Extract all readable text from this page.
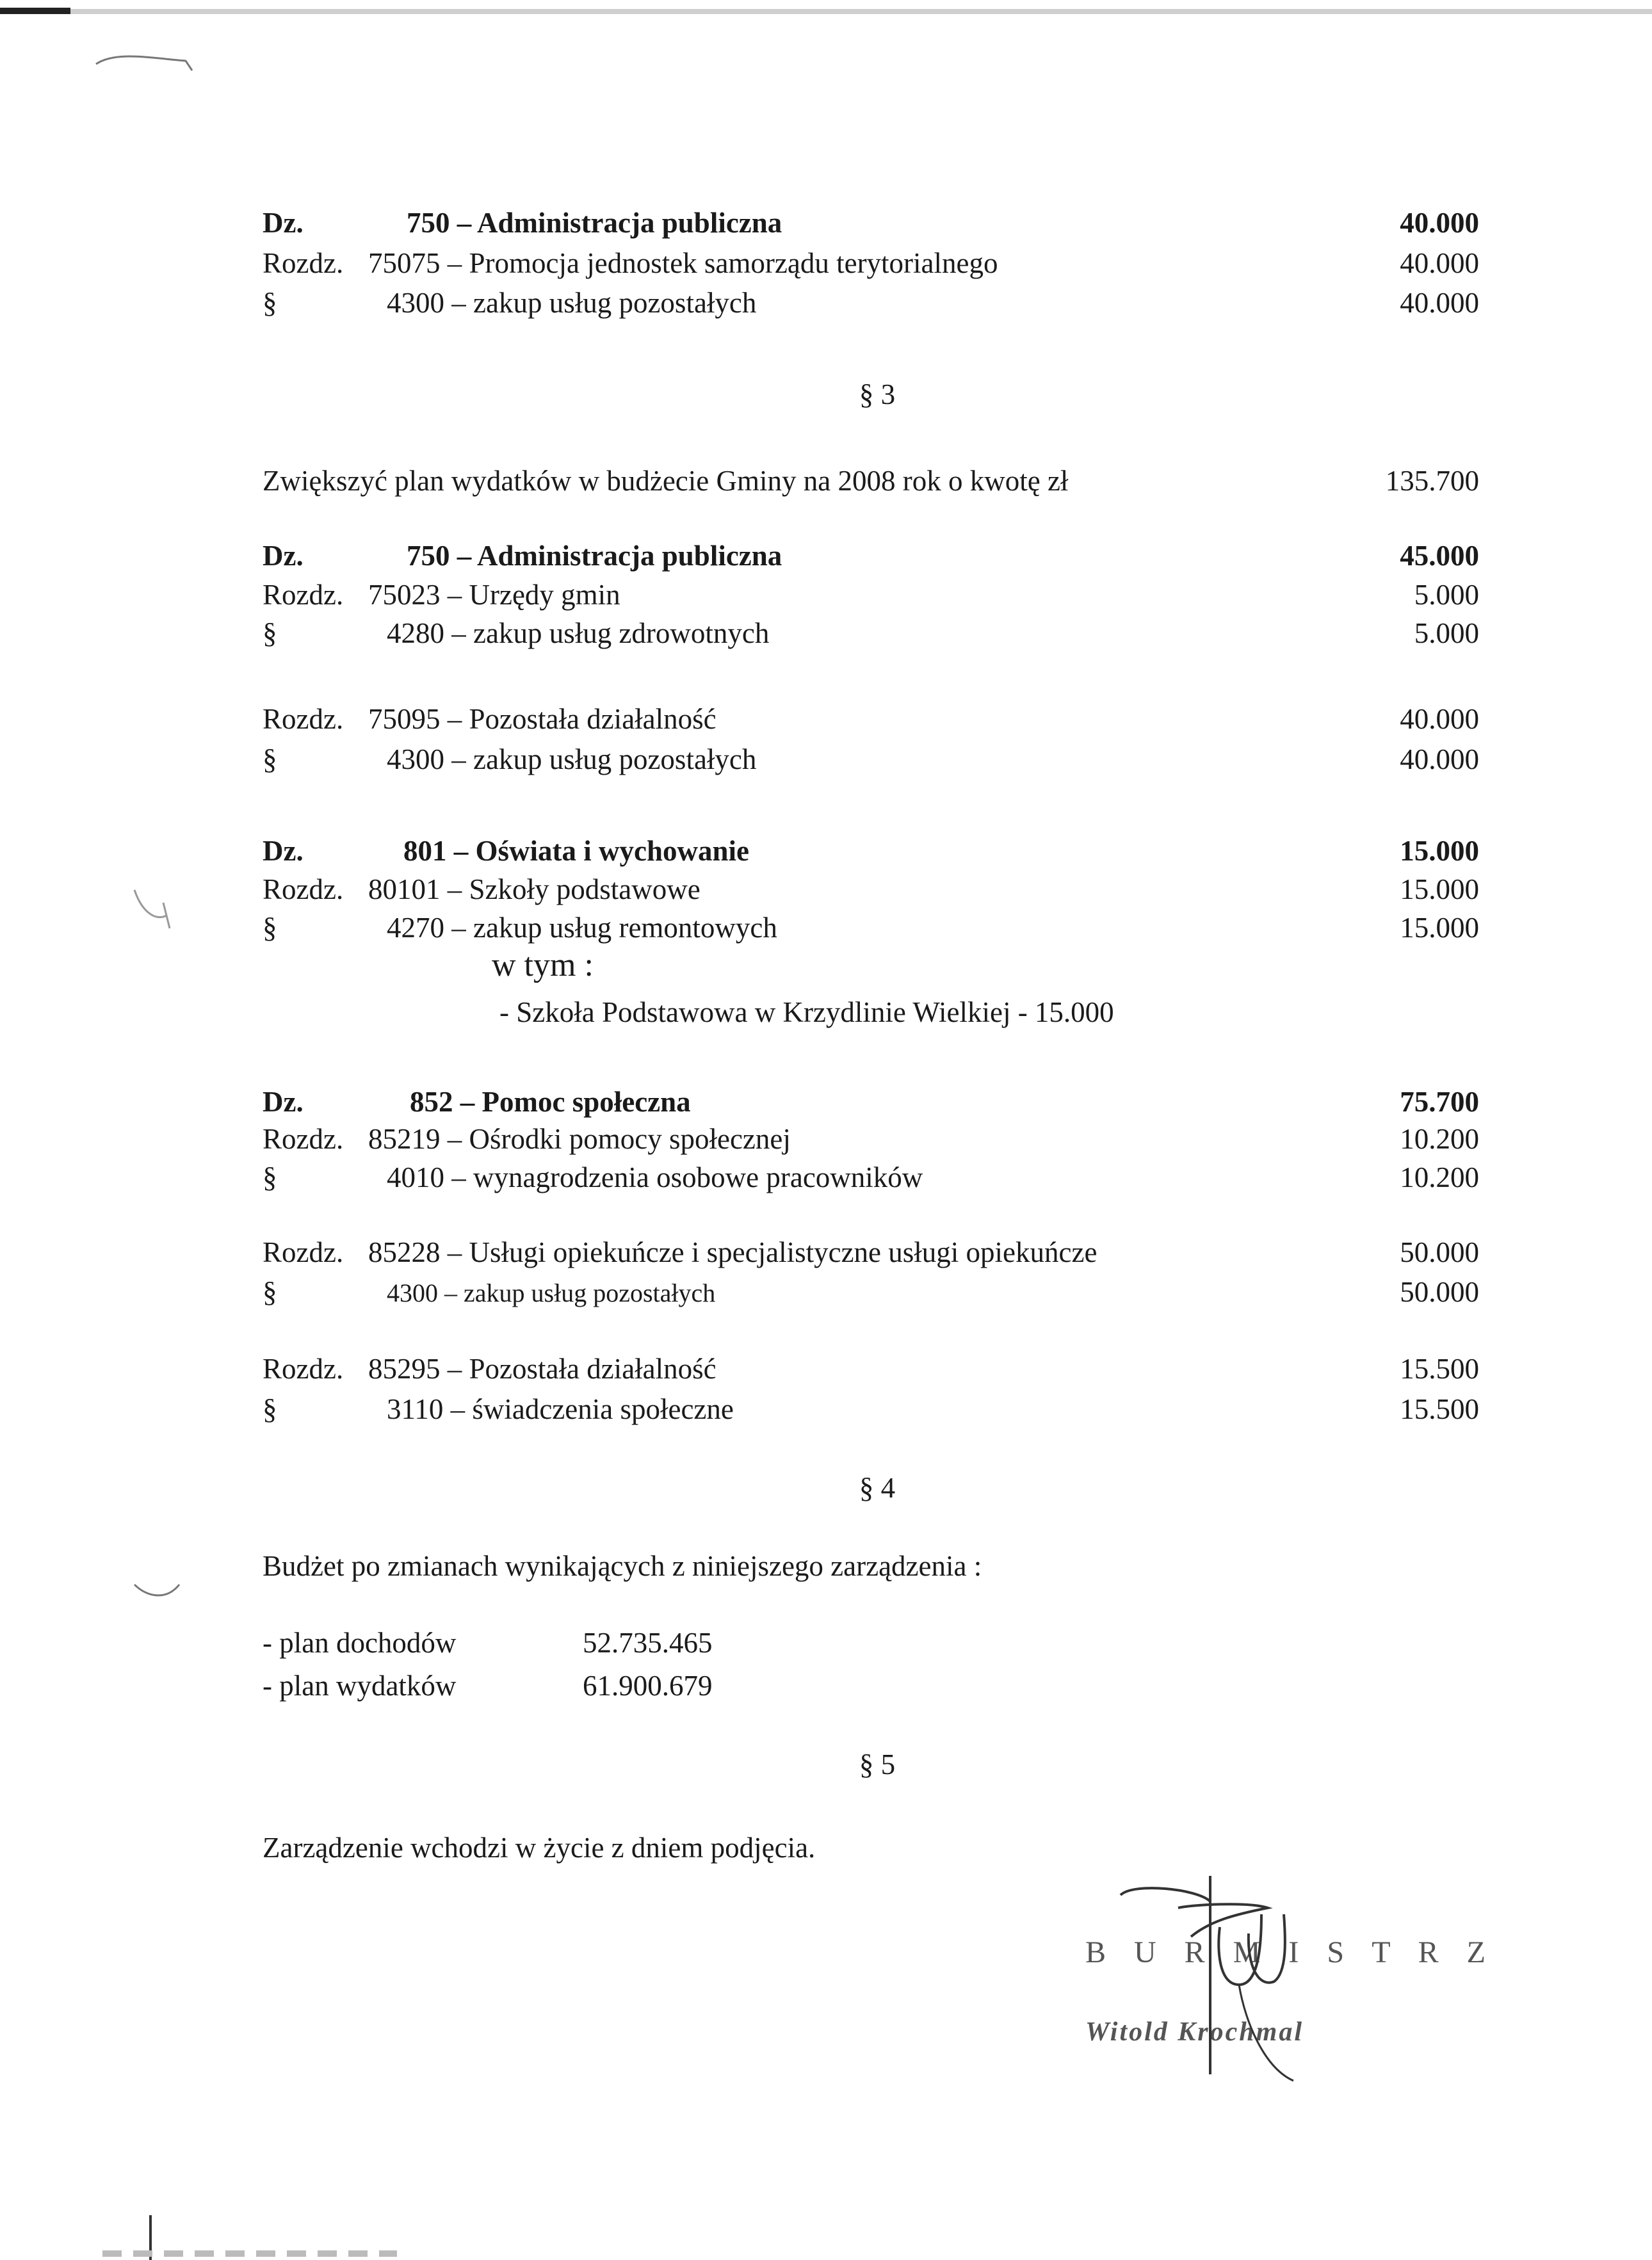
Dz.	750 – Administracja publiczna	40.000
Rozdz. 75075 – Promocja jednostek samorządu terytorialnego	40.000
§	4300 – zakup usług pozostałych	40.000
§ 3
Zwiększyć plan wydatków w budżecie Gminy na 2008 rok o kwotę zł	135.700
Dz.	750 – Administracja publiczna	45.000
Rozdz. 75023 – Urzędy gmin	5.000
§	4280 – zakup usług zdrowotnych	5.000
Rozdz. 75095 – Pozostała działalność	40.000
§	4300 – zakup usług pozostałych	40.000
Dz.	801 – Oświata i wychowanie	15.000
Rozdz. 80101 – Szkoły podstawowe	15.000
§	4270 – zakup usług remontowych	15.000
w tym :
- Szkoła Podstawowa w Krzydlinie Wielkiej - 15.000
Dz.	852 – Pomoc społeczna	75.700
Rozdz. 85219 – Ośrodki pomocy społecznej	10.200
§	4010 – wynagrodzenia osobowe pracowników	10.200
Rozdz. 85228 – Usługi opiekuńcze i specjalistyczne usługi opiekuńcze	50.000
§	4300 – zakup usług pozostałych	50.000
Rozdz. 85295 – Pozostała działalność	15.500
§	3110 – świadczenia społeczne	15.500
§ 4
Budżet po zmianach wynikających z niniejszego zarządzenia :
- plan dochodów	52.735.465
- plan wydatków	61.900.679
§ 5
Zarządzenie wchodzi w życie z dniem podjęcia.
B U R M I S T R Z
Witold Krochmal
